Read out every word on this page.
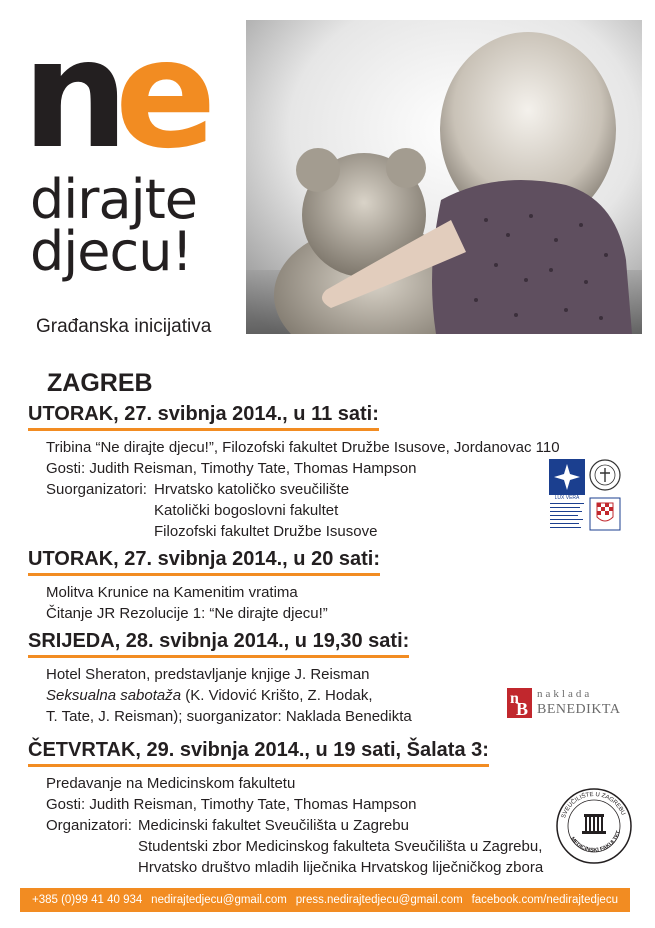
ne
dirajte
djecu!
Građanska inicijativa
ZAGREB
UTORAK, 27. svibnja 2014., u 11 sati:
Tribina “Ne dirajte djecu!”, Filozofski fakultet Družbe Isusove, Jordanovac 110
Gosti: Judith Reisman, Timothy Tate, Thomas Hampson
Suorganizatori: Hrvatsko katoličko sveučilište
Katolički bogoslovni fakultet
Filozofski fakultet Družbe Isusove
LUX VERA
UTORAK, 27. svibnja 2014., u 20 sati:
Molitva Krunice na Kamenitim vratima
Čitanje JR Rezolucije 1: “Ne dirajte djecu!”
SRIJEDA, 28. svibnja 2014., u 19,30 sati:
Hotel Sheraton, predstavljanje knjige J. Reisman
Seksualna sabotaža (K. Vidović Krišto, Z. Hodak,
T. Tate, J. Reisman); suorganizator: Naklada Benedikta
n
B
naklada
BENEDIKTA
ČETVRTAK, 29. svibnja 2014., u 19 sati, Šalata 3:
Predavanje na Medicinskom fakultetu
Gosti: Judith Reisman, Timothy Tate, Thomas Hampson
Organizatori: Medicinski fakultet Sveučilišta u Zagrebu
Studentski zbor Medicinskog fakulteta Sveučilišta u Zagrebu,
Hrvatsko društvo mladih liječnika Hrvatskog liječničkog zbora
SVEUČILIŠTE U ZAGREBU
MEDICINSKI FAKULTET
+385 (0)99 41 40 934 nedirajtedjecu@gmail.com press.nedirajtedjecu@gmail.com facebook.com/nedirajtedjecu
